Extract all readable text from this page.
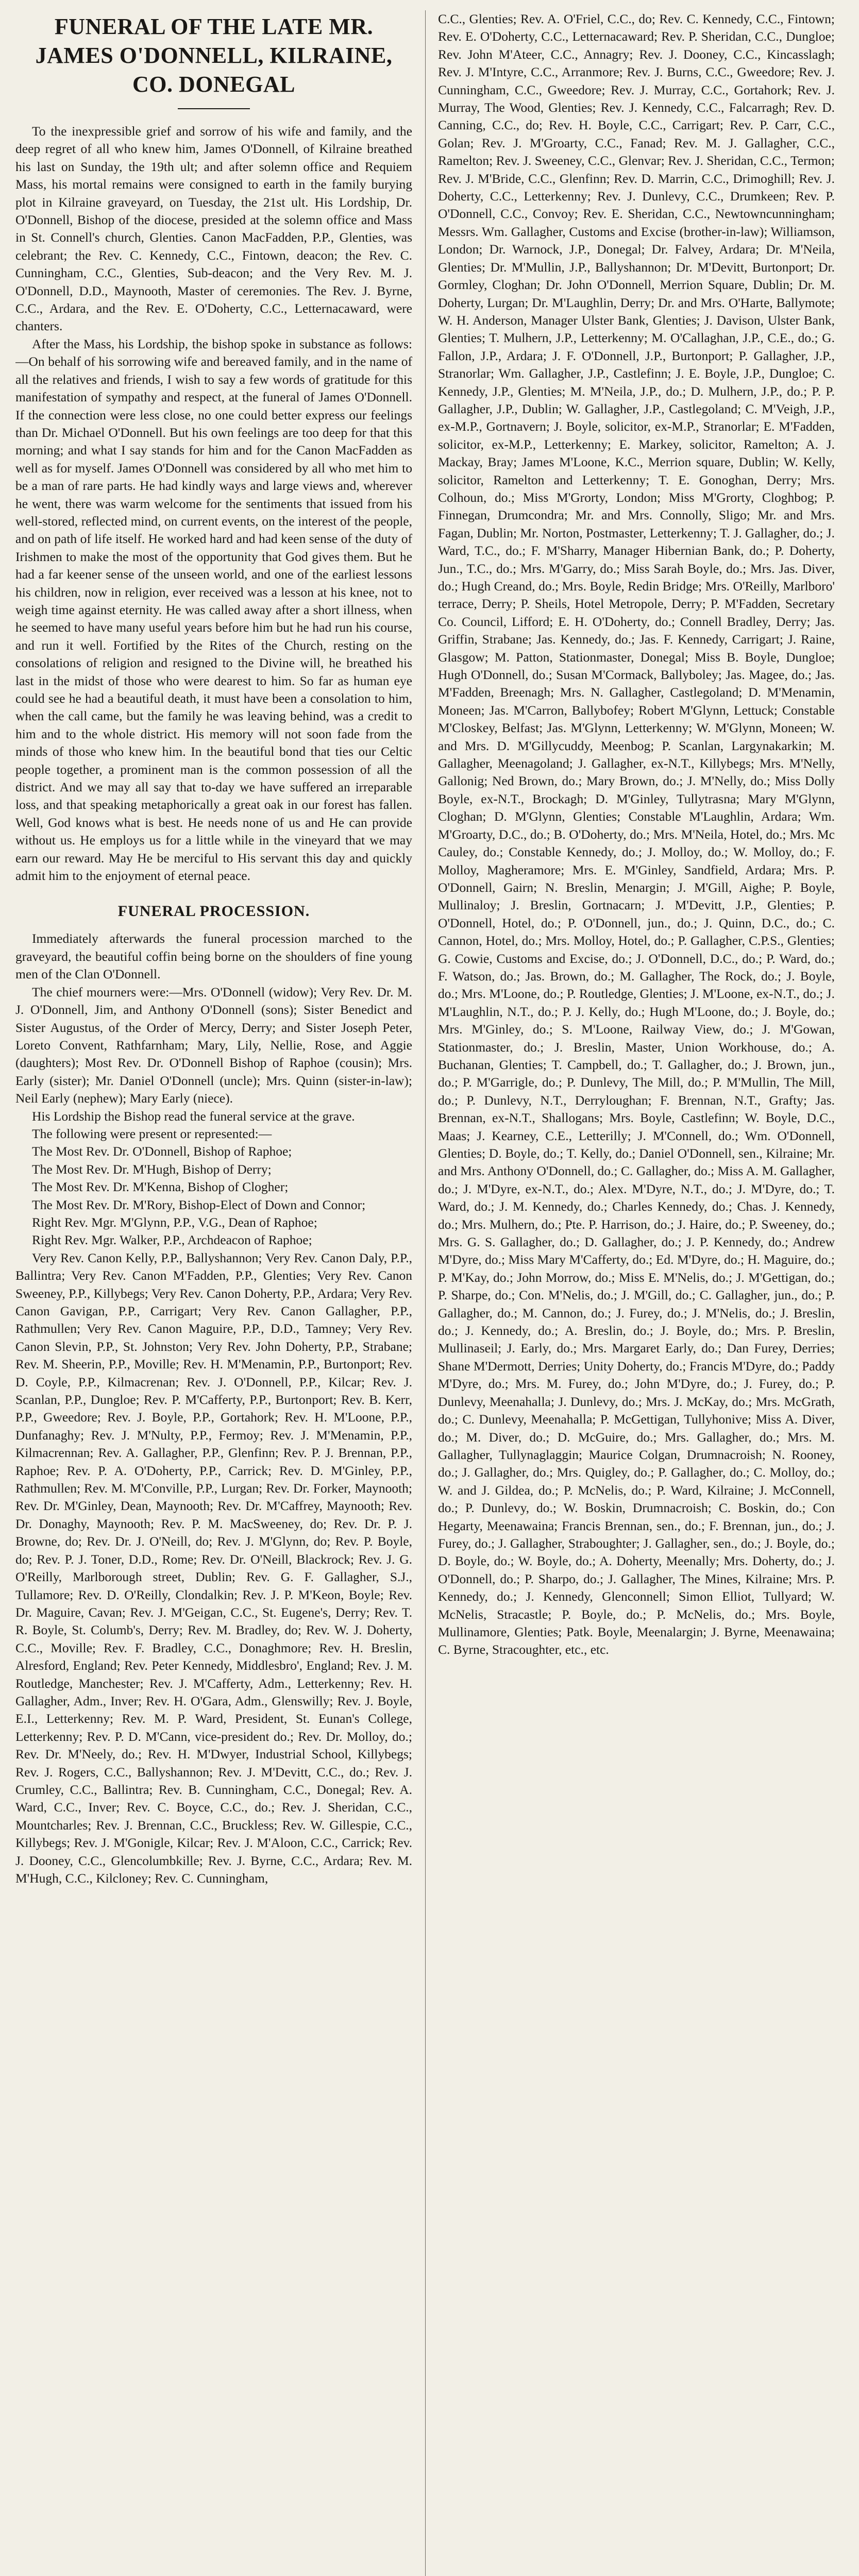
FUNERAL OF THE LATE MR. JAMES O'DONNELL, KILRAINE, CO. DONEGAL

To the inexpressible grief and sorrow of his wife and family, and the deep regret of all who knew him, James O'Donnell, of Kilraine breathed his last on Sunday, the 19th ult; and after solemn office and Requiem Mass, his mortal remains were consigned to earth in the family burying plot in Kilraine graveyard, on Tuesday, the 21st ult. His Lordship, Dr. O'Donnell, Bishop of the diocese, presided at the solemn office and Mass in St. Connell's church, Glenties. Canon MacFadden, P.P., Glenties, was celebrant; the Rev. C. Kennedy, C.C., Fintown, deacon; the Rev. C. Cunningham, C.C., Glenties, Sub-deacon; and the Very Rev. M. J. O'Donnell, D.D., Maynooth, Master of ceremonies. The Rev. J. Byrne, C.C., Ardara, and the Rev. E. O'Doherty, C.C., Letternacaward, were chanters.

After the Mass, his Lordship, the bishop spoke in substance as follows:—On behalf of his sorrowing wife and bereaved family, and in the name of all the relatives and friends, I wish to say a few words of gratitude for this manifestation of sympathy and respect, at the funeral of James O'Donnell. If the connection were less close, no one could better express our feelings than Dr. Michael O'Donnell. But his own feelings are too deep for that this morning; and what I say stands for him and for the Canon MacFadden as well as for myself. James O'Donnell was considered by all who met him to be a man of rare parts. He had kindly ways and large views and, wherever he went, there was warm welcome for the sentiments that issued from his well-stored, reflected mind, on current events, on the interest of the people, and on path of life itself. He worked hard and had keen sense of the duty of Irishmen to make the most of the opportunity that God gives them. But he had a far keener sense of the unseen world, and one of the earliest lessons his children, now in religion, ever received was a lesson at his knee, not to weigh time against eternity. He was called away after a short illness, when he seemed to have many useful years before him but he had run his course, and run it well. Fortified by the Rites of the Church, resting on the consolations of religion and resigned to the Divine will, he breathed his last in the midst of those who were dearest to him. So far as human eye could see he had a beautiful death, it must have been a consolation to him, when the call came, but the family he was leaving behind, was a credit to him and to the whole district. His memory will not soon fade from the minds of those who knew him. In the beautiful bond that ties our Celtic people together, a prominent man is the common possession of all the district. And we may all say that to-day we have suffered an irreparable loss, and that speaking metaphorically a great oak in our forest has fallen. Well, God knows what is best. He needs none of us and He can provide without us. He employs us for a little while in the vineyard that we may earn our reward. May He be merciful to His servant this day and quickly admit him to the enjoyment of eternal peace.

FUNERAL PROCESSION.

Immediately afterwards the funeral procession marched to the graveyard, the beautiful coffin being borne on the shoulders of fine young men of the Clan O'Donnell.

The chief mourners were:—Mrs. O'Donnell (widow); Very Rev. Dr. M. J. O'Donnell, Jim, and Anthony O'Donnell (sons); Sister Benedict and Sister Augustus, of the Order of Mercy, Derry; and Sister Joseph Peter, Loreto Convent, Rathfarnham; Mary, Lily, Nellie, Rose, and Aggie (daughters); Most Rev. Dr. O'Donnell Bishop of Raphoe (cousin); Mrs. Early (sister); Mr. Daniel O'Donnell (uncle); Mrs. Quinn (sister-in-law); Neil Early (nephew); Mary Early (niece).

His Lordship the Bishop read the funeral service at the grave.

The following were present or represented:—

The Most Rev. Dr. O'Donnell, Bishop of Raphoe;

The Most Rev. Dr. M'Hugh, Bishop of Derry;

The Most Rev. Dr. M'Kenna, Bishop of Clogher;

The Most Rev. Dr. M'Rory, Bishop-Elect of Down and Connor;

Right Rev. Mgr. M'Glynn, P.P., V.G., Dean of Raphoe;

Right Rev. Mgr. Walker, P.P., Archdeacon of Raphoe;

Very Rev. Canon Kelly, P.P., Ballyshannon; Very Rev. Canon Daly, P.P., Ballintra; Very Rev. Canon M'Fadden, P.P., Glenties; Very Rev. Canon Sweeney, P.P., Killybegs; Very Rev. Canon Doherty, P.P., Ardara; Very Rev. Canon Gavigan, P.P., Carrigart; Very Rev. Canon Gallagher, P.P., Rathmullen; Very Rev. Canon Maguire, P.P., D.D., Tamney; Very Rev. Canon Slevin, P.P., St. Johnston; Very Rev. John Doherty, P.P., Strabane; Rev. M. Sheerin, P.P., Moville; Rev. H. M'Menamin, P.P., Burtonport; Rev. D. Coyle, P.P., Kilmacrenan; Rev. J. O'Donnell, P.P., Kilcar; Rev. J. Scanlan, P.P., Dungloe; Rev. P. M'Cafferty, P.P., Burtonport; Rev. B. Kerr, P.P., Gweedore; Rev. J. Boyle, P.P., Gortahork; Rev. H. M'Loone, P.P., Dunfanaghy; Rev. J. M'Nulty, P.P., Fermoy; Rev. J. M'Menamin, P.P., Kilmacrennan; Rev. A. Gallagher, P.P., Glenfinn; Rev. P. J. Brennan, P.P., Raphoe; Rev. P. A. O'Doherty, P.P., Carrick; Rev. D. M'Ginley, P.P., Rathmullen; Rev. M. M'Conville, P.P., Lurgan; Rev. Dr. Forker, Maynooth; Rev. Dr. M'Ginley, Dean, Maynooth; Rev. Dr. M'Caffrey, Maynooth; Rev. Dr. Donaghy, Maynooth; Rev. P. M. MacSweeney, do; Rev. Dr. P. J. Browne, do; Rev. Dr. J. O'Neill, do; Rev. J. M'Glynn, do; Rev. P. Boyle, do; Rev. P. J. Toner, D.D., Rome; Rev. Dr. O'Neill, Blackrock; Rev. J. G. O'Reilly, Marlborough street, Dublin; Rev. G. F. Gallagher, S.J., Tullamore; Rev. D. O'Reilly, Clondalkin; Rev. J. P. M'Keon, Boyle; Rev. Dr. Maguire, Cavan; Rev. J. M'Geigan, C.C., St. Eugene's, Derry; Rev. T. R. Boyle, St. Columb's, Derry; Rev. M. Bradley, do; Rev. W. J. Doherty, C.C., Moville; Rev. F. Bradley, C.C., Donaghmore; Rev. H. Breslin, Alresford, England; Rev. Peter Kennedy, Middlesbro', England; Rev. J. M. Routledge, Manchester; Rev. J. M'Cafferty, Adm., Letterkenny; Rev. H. Gallagher, Adm., Inver; Rev. H. O'Gara, Adm., Glenswilly; Rev. J. Boyle, E.I., Letterkenny; Rev. M. P. Ward, President, St. Eunan's College, Letterkenny; Rev. P. D. M'Cann, vice-president do.; Rev. Dr. Molloy, do.; Rev. Dr. M'Neely, do.; Rev. H. M'Dwyer, Industrial School, Killybegs; Rev. J. Rogers, C.C., Ballyshannon; Rev. J. M'Devitt, C.C., do.; Rev. J. Crumley, C.C., Ballintra; Rev. B. Cunningham, C.C., Donegal; Rev. A. Ward, C.C., Inver; Rev. C. Boyce, C.C., do.; Rev. J. Sheridan, C.C., Mountcharles; Rev. J. Brennan, C.C., Bruckless; Rev. W. Gillespie, C.C., Killybegs; Rev. J. M'Gonigle, Kilcar; Rev. J. M'Aloon, C.C., Carrick; Rev. J. Dooney, C.C., Glencolumbkille; Rev. J. Byrne, C.C., Ardara; Rev. M. M'Hugh, C.C., Kilcloney; Rev. C. Cunningham,

C.C., Glenties; Rev. A. O'Friel, C.C., do; Rev. C. Kennedy, C.C., Fintown; Rev. E. O'Doherty, C.C., Letternacaward; Rev. P. Sheridan, C.C., Dungloe; Rev. John M'Ateer, C.C., Annagry; Rev. J. Dooney, C.C., Kincasslagh; Rev. J. M'Intyre, C.C., Arranmore; Rev. J. Burns, C.C., Gweedore; Rev. J. Cunningham, C.C., Gweedore; Rev. J. Murray, C.C., Gortahork; Rev. J. Murray, The Wood, Glenties; Rev. J. Kennedy, C.C., Falcarragh; Rev. D. Canning, C.C., do; Rev. H. Boyle, C.C., Carrigart; Rev. P. Carr, C.C., Golan; Rev. J. M'Groarty, C.C., Fanad; Rev. M. J. Gallagher, C.C., Ramelton; Rev. J. Sweeney, C.C., Glenvar; Rev. J. Sheridan, C.C., Termon; Rev. J. M'Bride, C.C., Glenfinn; Rev. D. Marrin, C.C., Drimoghill; Rev. J. Doherty, C.C., Letterkenny; Rev. J. Dunlevy, C.C., Drumkeen; Rev. P. O'Donnell, C.C., Convoy; Rev. E. Sheridan, C.C., Newtowncunningham; Messrs. Wm. Gallagher, Customs and Excise (brother-in-law); Williamson, London; Dr. Warnock, J.P., Donegal; Dr. Falvey, Ardara; Dr. M'Neila, Glenties; Dr. M'Mullin, J.P., Ballyshannon; Dr. M'Devitt, Burtonport; Dr. Gormley, Cloghan; Dr. John O'Donnell, Merrion Square, Dublin; Dr. M. Doherty, Lurgan; Dr. M'Laughlin, Derry; Dr. and Mrs. O'Harte, Ballymote; W. H. Anderson, Manager Ulster Bank, Glenties; J. Davison, Ulster Bank, Glenties; T. Mulhern, J.P., Letterkenny; M. O'Callaghan, J.P., C.E., do.; G. Fallon, J.P., Ardara; J. F. O'Donnell, J.P., Burtonport; P. Gallagher, J.P., Stranorlar; Wm. Gallagher, J.P., Castlefinn; J. E. Boyle, J.P., Dungloe; C. Kennedy, J.P., Glenties; M. M'Neila, J.P., do.; D. Mulhern, J.P., do.; P. P. Gallagher, J.P., Dublin; W. Gallagher, J.P., Castlegoland; C. M'Veigh, J.P., ex-M.P., Gortnavern; J. Boyle, solicitor, ex-M.P., Stranorlar; E. M'Fadden, solicitor, ex-M.P., Letterkenny; E. Markey, solicitor, Ramelton; A. J. Mackay, Bray; James M'Loone, K.C., Merrion square, Dublin; W. Kelly, solicitor, Ramelton and Letterkenny; T. E. Gonoghan, Derry; Mrs. Colhoun, do.; Miss M'Grorty, London; Miss M'Grorty, Cloghbog; P. Finnegan, Drumcondra; Mr. and Mrs. Connolly, Sligo; Mr. and Mrs. Fagan, Dublin; Mr. Norton, Postmaster, Letterkenny; T. J. Gallagher, do.; J. Ward, T.C., do.; F. M'Sharry, Manager Hibernian Bank, do.; P. Doherty, Jun., T.C., do.; Mrs. M'Garry, do.; Miss Sarah Boyle, do.; Mrs. Jas. Diver, do.; Hugh Creand, do.; Mrs. Boyle, Redin Bridge; Mrs. O'Reilly, Marlboro' terrace, Derry; P. Sheils, Hotel Metropole, Derry; P. M'Fadden, Secretary Co. Council, Lifford; E. H. O'Doherty, do.; Connell Bradley, Derry; Jas. Griffin, Strabane; Jas. Kennedy, do.; Jas. F. Kennedy, Carrigart; J. Raine, Glasgow; M. Patton, Stationmaster, Donegal; Miss B. Boyle, Dungloe; Hugh O'Donnell, do.; Susan M'Cormack, Ballyboley; Jas. Magee, do.; Jas. M'Fadden, Breenagh; Mrs. N. Gallagher, Castlegoland; D. M'Menamin, Moneen; Jas. M'Carron, Ballybofey; Robert M'Glynn, Lettuck; Constable M'Closkey, Belfast; Jas. M'Glynn, Letterkenny; W. M'Glynn, Moneen; W. and Mrs. D. M'Gillycuddy, Meenbog; P. Scanlan, Largynakarkin; M. Gallagher, Meenagoland; J. Gallagher, ex-N.T., Killybegs; Mrs. M'Nelly, Gallonig; Ned Brown, do.; Mary Brown, do.; J. M'Nelly, do.; Miss Dolly Boyle, ex-N.T., Brockagh; D. M'Ginley, Tullytrasna; Mary M'Glynn, Cloghan; D. M'Glynn, Glenties; Constable M'Laughlin, Ardara; Wm. M'Groarty, D.C., do.; B. O'Doherty, do.; Mrs. M'Neila, Hotel, do.; Mrs. Mc Cauley, do.; Constable Kennedy, do.; J. Molloy, do.; W. Molloy, do.; F. Molloy, Magheramore; Mrs. E. M'Ginley, Sandfield, Ardara; Mrs. P. O'Donnell, Gairn; N. Breslin, Menargin; J. M'Gill, Aighe; P. Boyle, Mullinaloy; J. Breslin, Gortnacarn; J. M'Devitt, J.P., Glenties; P. O'Donnell, Hotel, do.; P. O'Donnell, jun., do.; J. Quinn, D.C., do.; C. Cannon, Hotel, do.; Mrs. Molloy, Hotel, do.; P. Gallagher, C.P.S., Glenties; G. Cowie, Customs and Excise, do.; J. O'Donnell, D.C., do.; P. Ward, do.; F. Watson, do.; Jas. Brown, do.; M. Gallagher, The Rock, do.; J. Boyle, do.; Mrs. M'Loone, do.; P. Routledge, Glenties; J. M'Loone, ex-N.T., do.; J. M'Laughlin, N.T., do.; P. J. Kelly, do.; Hugh M'Loone, do.; J. Boyle, do.; Mrs. M'Ginley, do.; S. M'Loone, Railway View, do.; J. M'Gowan, Stationmaster, do.; J. Breslin, Master, Union Workhouse, do.; A. Buchanan, Glenties; T. Campbell, do.; T. Gallagher, do.; J. Brown, jun., do.; P. M'Garrigle, do.; P. Dunlevy, The Mill, do.; P. M'Mullin, The Mill, do.; P. Dunlevy, N.T., Derryloughan; F. Brennan, N.T., Grafty; Jas. Brennan, ex-N.T., Shallogans; Mrs. Boyle, Castlefinn; W. Boyle, D.C., Maas; J. Kearney, C.E., Letterilly; J. M'Connell, do.; Wm. O'Donnell, Glenties; D. Boyle, do.; T. Kelly, do.; Daniel O'Donnell, sen., Kilraine; Mr. and Mrs. Anthony O'Donnell, do.; C. Gallagher, do.; Miss A. M. Gallagher, do.; J. M'Dyre, ex-N.T., do.; Alex. M'Dyre, N.T., do.; J. M'Dyre, do.; T. Ward, do.; J. M. Kennedy, do.; Charles Kennedy, do.; Chas. J. Kennedy, do.; Mrs. Mulhern, do.; Pte. P. Harrison, do.; J. Haire, do.; P. Sweeney, do.; Mrs. G. S. Gallagher, do.; D. Gallagher, do.; J. P. Kennedy, do.; Andrew M'Dyre, do.; Miss Mary M'Cafferty, do.; Ed. M'Dyre, do.; H. Maguire, do.; P. M'Kay, do.; John Morrow, do.; Miss E. M'Nelis, do.; J. M'Gettigan, do.; P. Sharpe, do.; Con. M'Nelis, do.; J. M'Gill, do.; C. Gallagher, jun., do.; P. Gallagher, do.; M. Cannon, do.; J. Furey, do.; J. M'Nelis, do.; J. Breslin, do.; J. Kennedy, do.; A. Breslin, do.; J. Boyle, do.; Mrs. P. Breslin, Mullinaseil; J. Early, do.; Mrs. Margaret Early, do.; Dan Furey, Derries; Shane M'Dermott, Derries; Unity Doherty, do.; Francis M'Dyre, do.; Paddy M'Dyre, do.; Mrs. M. Furey, do.; John M'Dyre, do.; J. Furey, do.; P. Dunlevy, Meenahalla; J. Dunlevy, do.; Mrs. J. McKay, do.; Mrs. McGrath, do.; C. Dunlevy, Meenahalla; P. McGettigan, Tullyhonive; Miss A. Diver, do.; M. Diver, do.; D. McGuire, do.; Mrs. Gallagher, do.; Mrs. M. Gallagher, Tullynaglaggin; Maurice Colgan, Drumnacroish; N. Rooney, do.; J. Gallagher, do.; Mrs. Quigley, do.; P. Gallagher, do.; C. Molloy, do.; W. and J. Gildea, do.; P. McNelis, do.; P. Ward, Kilraine; J. McConnell, do.; P. Dunlevy, do.; W. Boskin, Drumnacroish; C. Boskin, do.; Con Hegarty, Meenawaina; Francis Brennan, sen., do.; F. Brennan, jun., do.; J. Furey, do.; J. Gallagher, Straboughter; J. Gallagher, sen., do.; J. Boyle, do.; D. Boyle, do.; W. Boyle, do.; A. Doherty, Meenally; Mrs. Doherty, do.; J. O'Donnell, do.; P. Sharpo, do.; J. Gallagher, The Mines, Kilraine; Mrs. P. Kennedy, do.; J. Kennedy, Glenconnell; Simon Elliot, Tullyard; W. McNelis, Stracastle; P. Boyle, do.; P. McNelis, do.; Mrs. Boyle, Mullinamore, Glenties; Patk. Boyle, Meenalargin; J. Byrne, Meenawaina; C. Byrne, Stracoughter, etc., etc.
